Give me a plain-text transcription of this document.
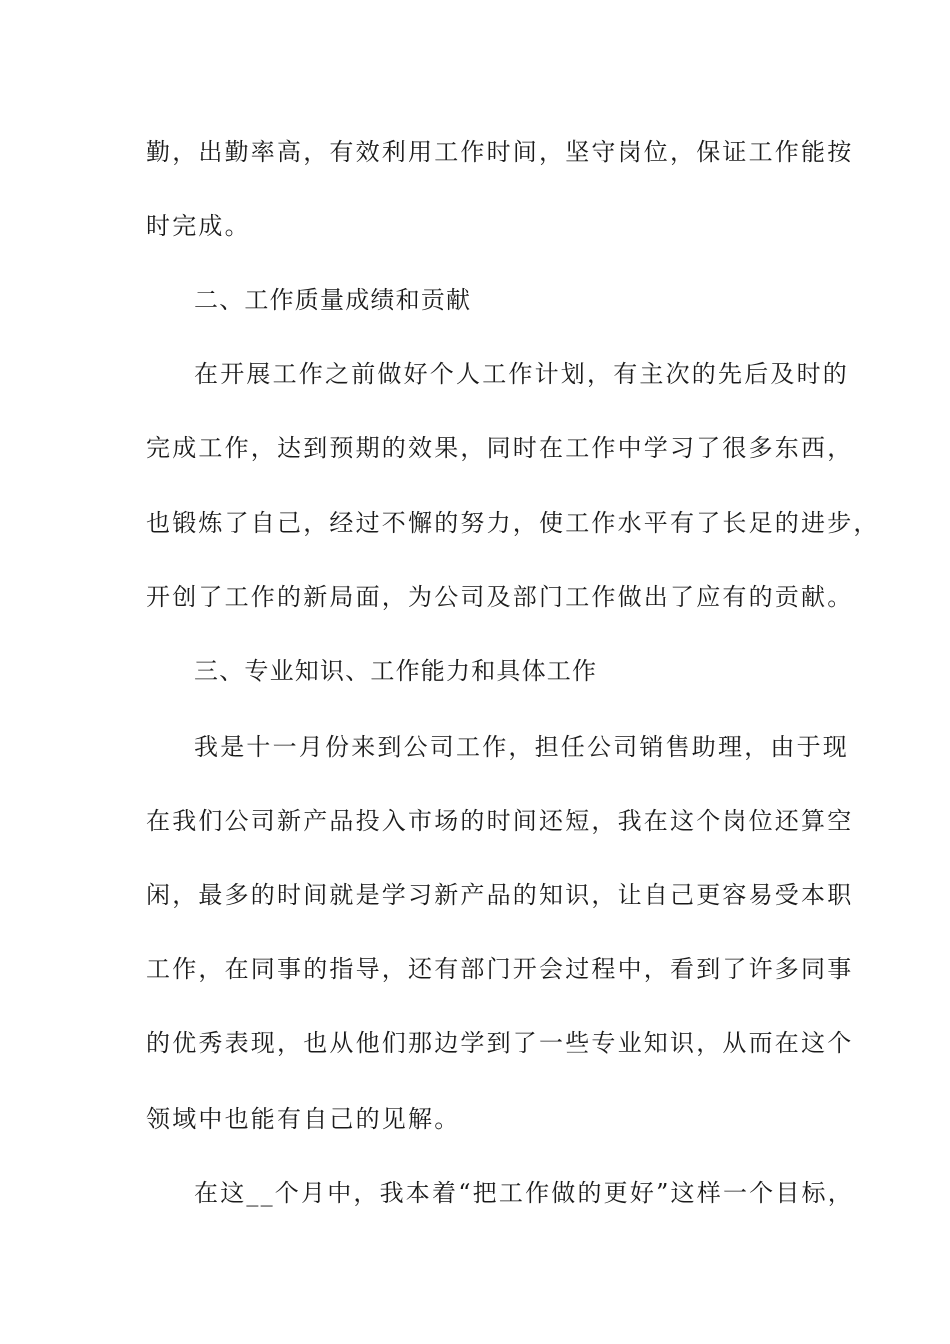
勤，出勤率高，有效利用工作时间，坚守岗位，保证工作能按
时完成。
二、工作质量成绩和贡献
在开展工作之前做好个人工作计划，有主次的先后及时的
完成工作，达到预期的效果，同时在工作中学习了很多东西，
也锻炼了自己，经过不懈的努力，使工作水平有了长足的进步，
开创了工作的新局面，为公司及部门工作做出了应有的贡献。
三、专业知识、工作能力和具体工作
我是十一月份来到公司工作，担任公司销售助理，由于现
在我们公司新产品投入市场的时间还短，我在这个岗位还算空
闲，最多的时间就是学习新产品的知识，让自己更容易受本职
工作，在同事的指导，还有部门开会过程中，看到了许多同事
的优秀表现，也从他们那边学到了一些专业知识，从而在这个
领域中也能有自己的见解。
在这__个月中，我本着“把工作做的更好”这样一个目标，
